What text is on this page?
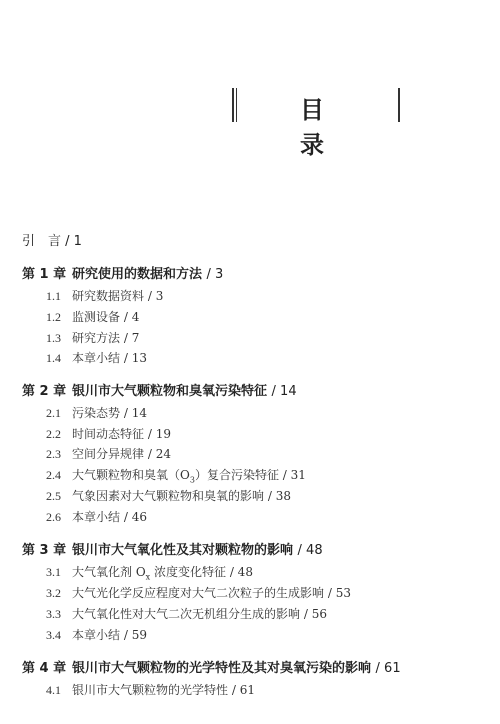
目 录
引　言 / 1
第 1 章 研究使用的数据和方法 / 3
1.1 研究数据资料 / 3
1.2 监测设备 / 4
1.3 研究方法 / 7
1.4 本章小结 / 13
第 2 章 银川市大气颗粒物和臭氧污染特征 / 14
2.1 污染态势 / 14
2.2 时间动态特征 / 19
2.3 空间分异规律 / 24
2.4 大气颗粒物和臭氧$(O_3)$复合污染特征 / 31
2.5 气象因素对大气颗粒物和臭氧的影响 / 38
2.6 本章小结 / 46
第 3 章 银川市大气氧化性及其对颗粒物的影响 / 48
3.1 大气氧化剂 $O_x$ 浓度变化特征 / 48
3.2 大气光化学反应程度对大气二次粒子的生成影响 / 53
3.3 大气氧化性对大气二次无机组分生成的影响 / 56
3.4 本章小结 / 59
第 4 章 银川市大气颗粒物的光学特性及其对臭氧污染的影响 / 61
4.1 银川市大气颗粒物的光学特性 / 61
